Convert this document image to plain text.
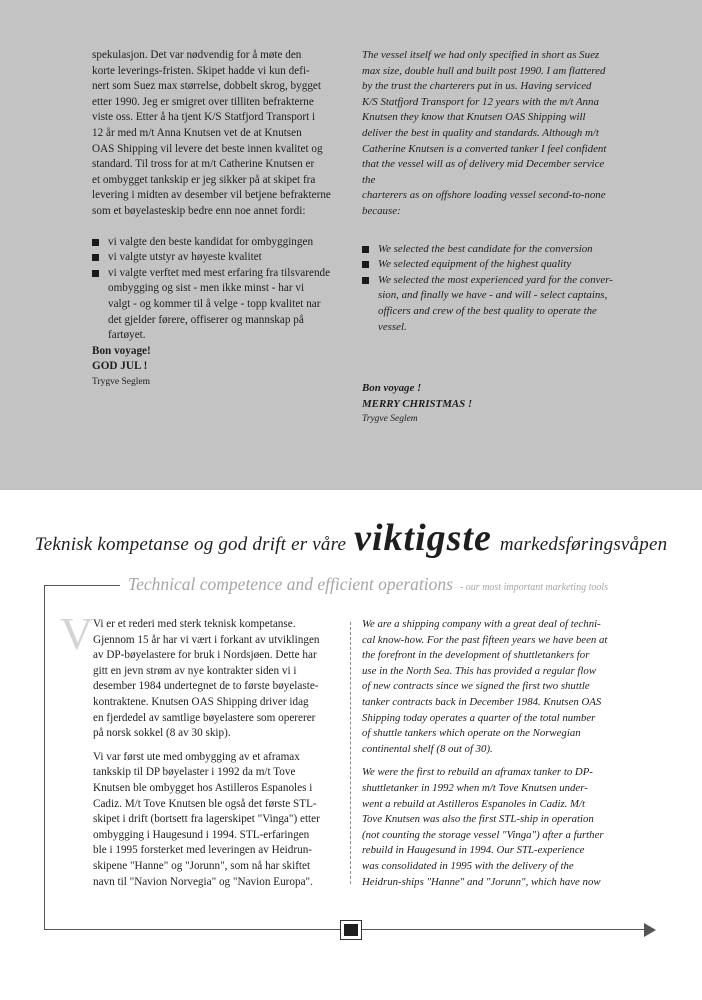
spekulasjon. Det var nødvendig for å møte den
korte leverings-fristen. Skipet hadde vi kun defi-
nert som Suez max størrelse, dobbelt skrog, bygget
etter 1990. Jeg er smigret over tilliten befrakterne
viste oss. Etter å ha tjent K/S Statfjord Transport i
12 år med m/t Anna Knutsen vet de at Knutsen
OAS Shipping vil levere det beste innen kvalitet og
standard. Til tross for at m/t Catherine Knutsen er
et ombygget tankskip er jeg sikker på at skipet fra
levering i midten av desember vil betjene befrakterne
som et bøyelasteskip bedre enn noe annet fordi:

vi valgte den beste kandidat for ombyggingen
vi valgte utstyr av høyeste kvalitet
vi valgte verftet med mest erfaring fra tilsvarende
ombygging og sist - men ikke minst - har vi
valgt - og kommer til å velge - topp kvalitet nar
det gjelder førere, offiserer og mannskap på
fartøyet.

Bon voyage!
GOD JUL !

Trygve Seglem

The vessel itself we had only specified in short as Suez
max size, double hull and built post 1990. I am flattered
by the trust the charterers put in us. Having serviced
K/S Statfjord Transport for 12 years with the m/t Anna
Knutsen they know that Knutsen OAS Shipping will
deliver the best in quality and standards. Although m/t
Catherine Knutsen is a converted tanker I feel confident
that the vessel will as of delivery mid December service the
charterers as on offshore loading vessel second-to-none
because:

We selected the best candidate for the conversion
We selected equipment of the highest quality
We selected the most experienced yard for the conver-
sion, and finally we have - and will - select captains,
officers and crew of the best quality to operate the
vessel.

Bon voyage !
MERRY CHRISTMAS !

Trygve Seglem

Teknisk kompetanse og god drift er våre viktigste markedsføringsvåpen
Technical competence and efficient operations - our most important marketing tools
V Vi er et rederi med sterk teknisk kompetanse.
Gjennom 15 år har vi vært i forkant av utviklingen
av DP-bøyelastere for bruk i Nordsjøen. Dette har
gitt en jevn strøm av nye kontrakter siden vi i
desember 1984 undertegnet de to første bøyelaste-
kontraktene. Knutsen OAS Shipping driver idag
en fjerdedel av samtlige bøyelastere som opererer
på norsk sokkel (8 av 30 skip).

Vi var først ute med ombygging av et aframax
tankskip til DP bøyelaster i 1992 da m/t Tove
Knutsen ble ombygget hos Astilleros Espanoles i
Cadiz. M/t Tove Knutsen ble også det første STL-
skipet i drift (bortsett fra lagerskipet "Vinga") etter
ombygging i Haugesund i 1994. STL-erfaringen
ble i 1995 forsterket med leveringen av Heidrun-
skipene "Hanne" og "Jorunn", som nå har skiftet
navn til "Navion Norvegia" og "Navion Europa".

We are a shipping company with a great deal of techni-
cal know-how. For the past fifteen years we have been at
the forefront in the development of shuttletankers for
use in the North Sea. This has provided a regular flow
of new contracts since we signed the first two shuttle
tanker contracts back in December 1984. Knutsen OAS
Shipping today operates a quarter of the total number
of shuttle tankers which operate on the Norwegian
continental shelf (8 out of 30).

We were the first to rebuild an aframax tanker to DP-
shuttletanker in 1992 when m/t Tove Knutsen under-
went a rebuild at Astilleros Espanoles in Cadiz. M/t
Tove Knutsen was also the first STL-ship in operation
(not counting the storage vessel "Vinga") after a further
rebuild in Haugesund in 1994. Our STL-experience
was consolidated in 1995 with the delivery of the
Heidrun-ships "Hanne" and "Jorunn", which have now
